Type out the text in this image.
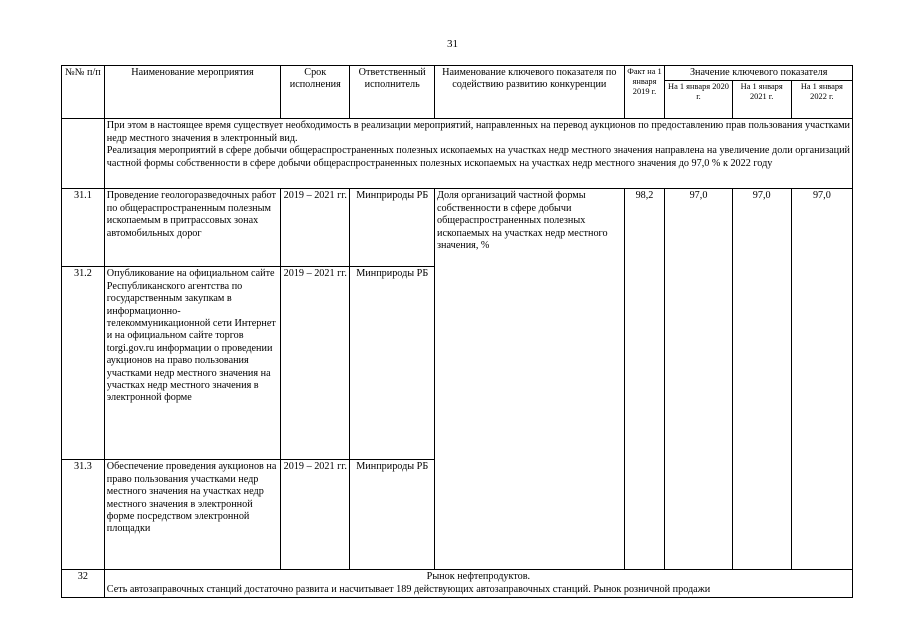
31
№№ п/п	Наименование мероприятия	Срок исполнения	Ответственный исполнитель	Наименование ключевого показателя по содействию развитию конкуренции	Факт на 1 января 2019 г.	Значение ключевого показателя		
						На 1 января 2020 г.	На 1 января 2021 г.	На 1 января 2022 г.

	При этом в настоящее время существует необходимость в реализации мероприятий, направленных на перевод аукционов по предоставлению прав пользования участками недр местного значения в электронный вид.
Реализация мероприятий в сфере добычи общераспространенных полезных ископаемых на участках недр местного значения направлена на увеличение доли организаций частной формы собственности в сфере добычи общераспространенных полезных ископаемых на участках недр местного значения до 97,0 % к 2022 году							

31.1	Проведение геологоразведочных работ по общераспространенным полезным ископаемым в притрассовых зонах автомобильных дорог	2019 – 2021 гг.	Минприроды РБ	Доля организаций частной формы собственности в сфере добычи общераспространенных полезных ископаемых на участках недр местного значения, %	98,2	97,0	97,0	97,0
31.2	Опубликование на официальном сайте Республиканского агентства по государственным закупкам в информационно-телекоммуникационной сети Интернет и на официальном сайте торгов torgi.gov.ru информации о проведении аукционов на право пользования участками недр местного значения на участках недр местного значения в электронной форме	2019 – 2021 гг.	Минприроды РБ					
31.3	Обеспечение проведения аукционов на право пользования участками недр местного значения на участках недр местного значения в электронной форме посредством электронной площадки	2019 – 2021 гг.	Минприроды РБ					
32	Рынок нефтепродуктов.
Сеть автозаправочных станций достаточно развита и насчитывает 189 действующих автозаправочных станций. Рынок розничной продажи							
